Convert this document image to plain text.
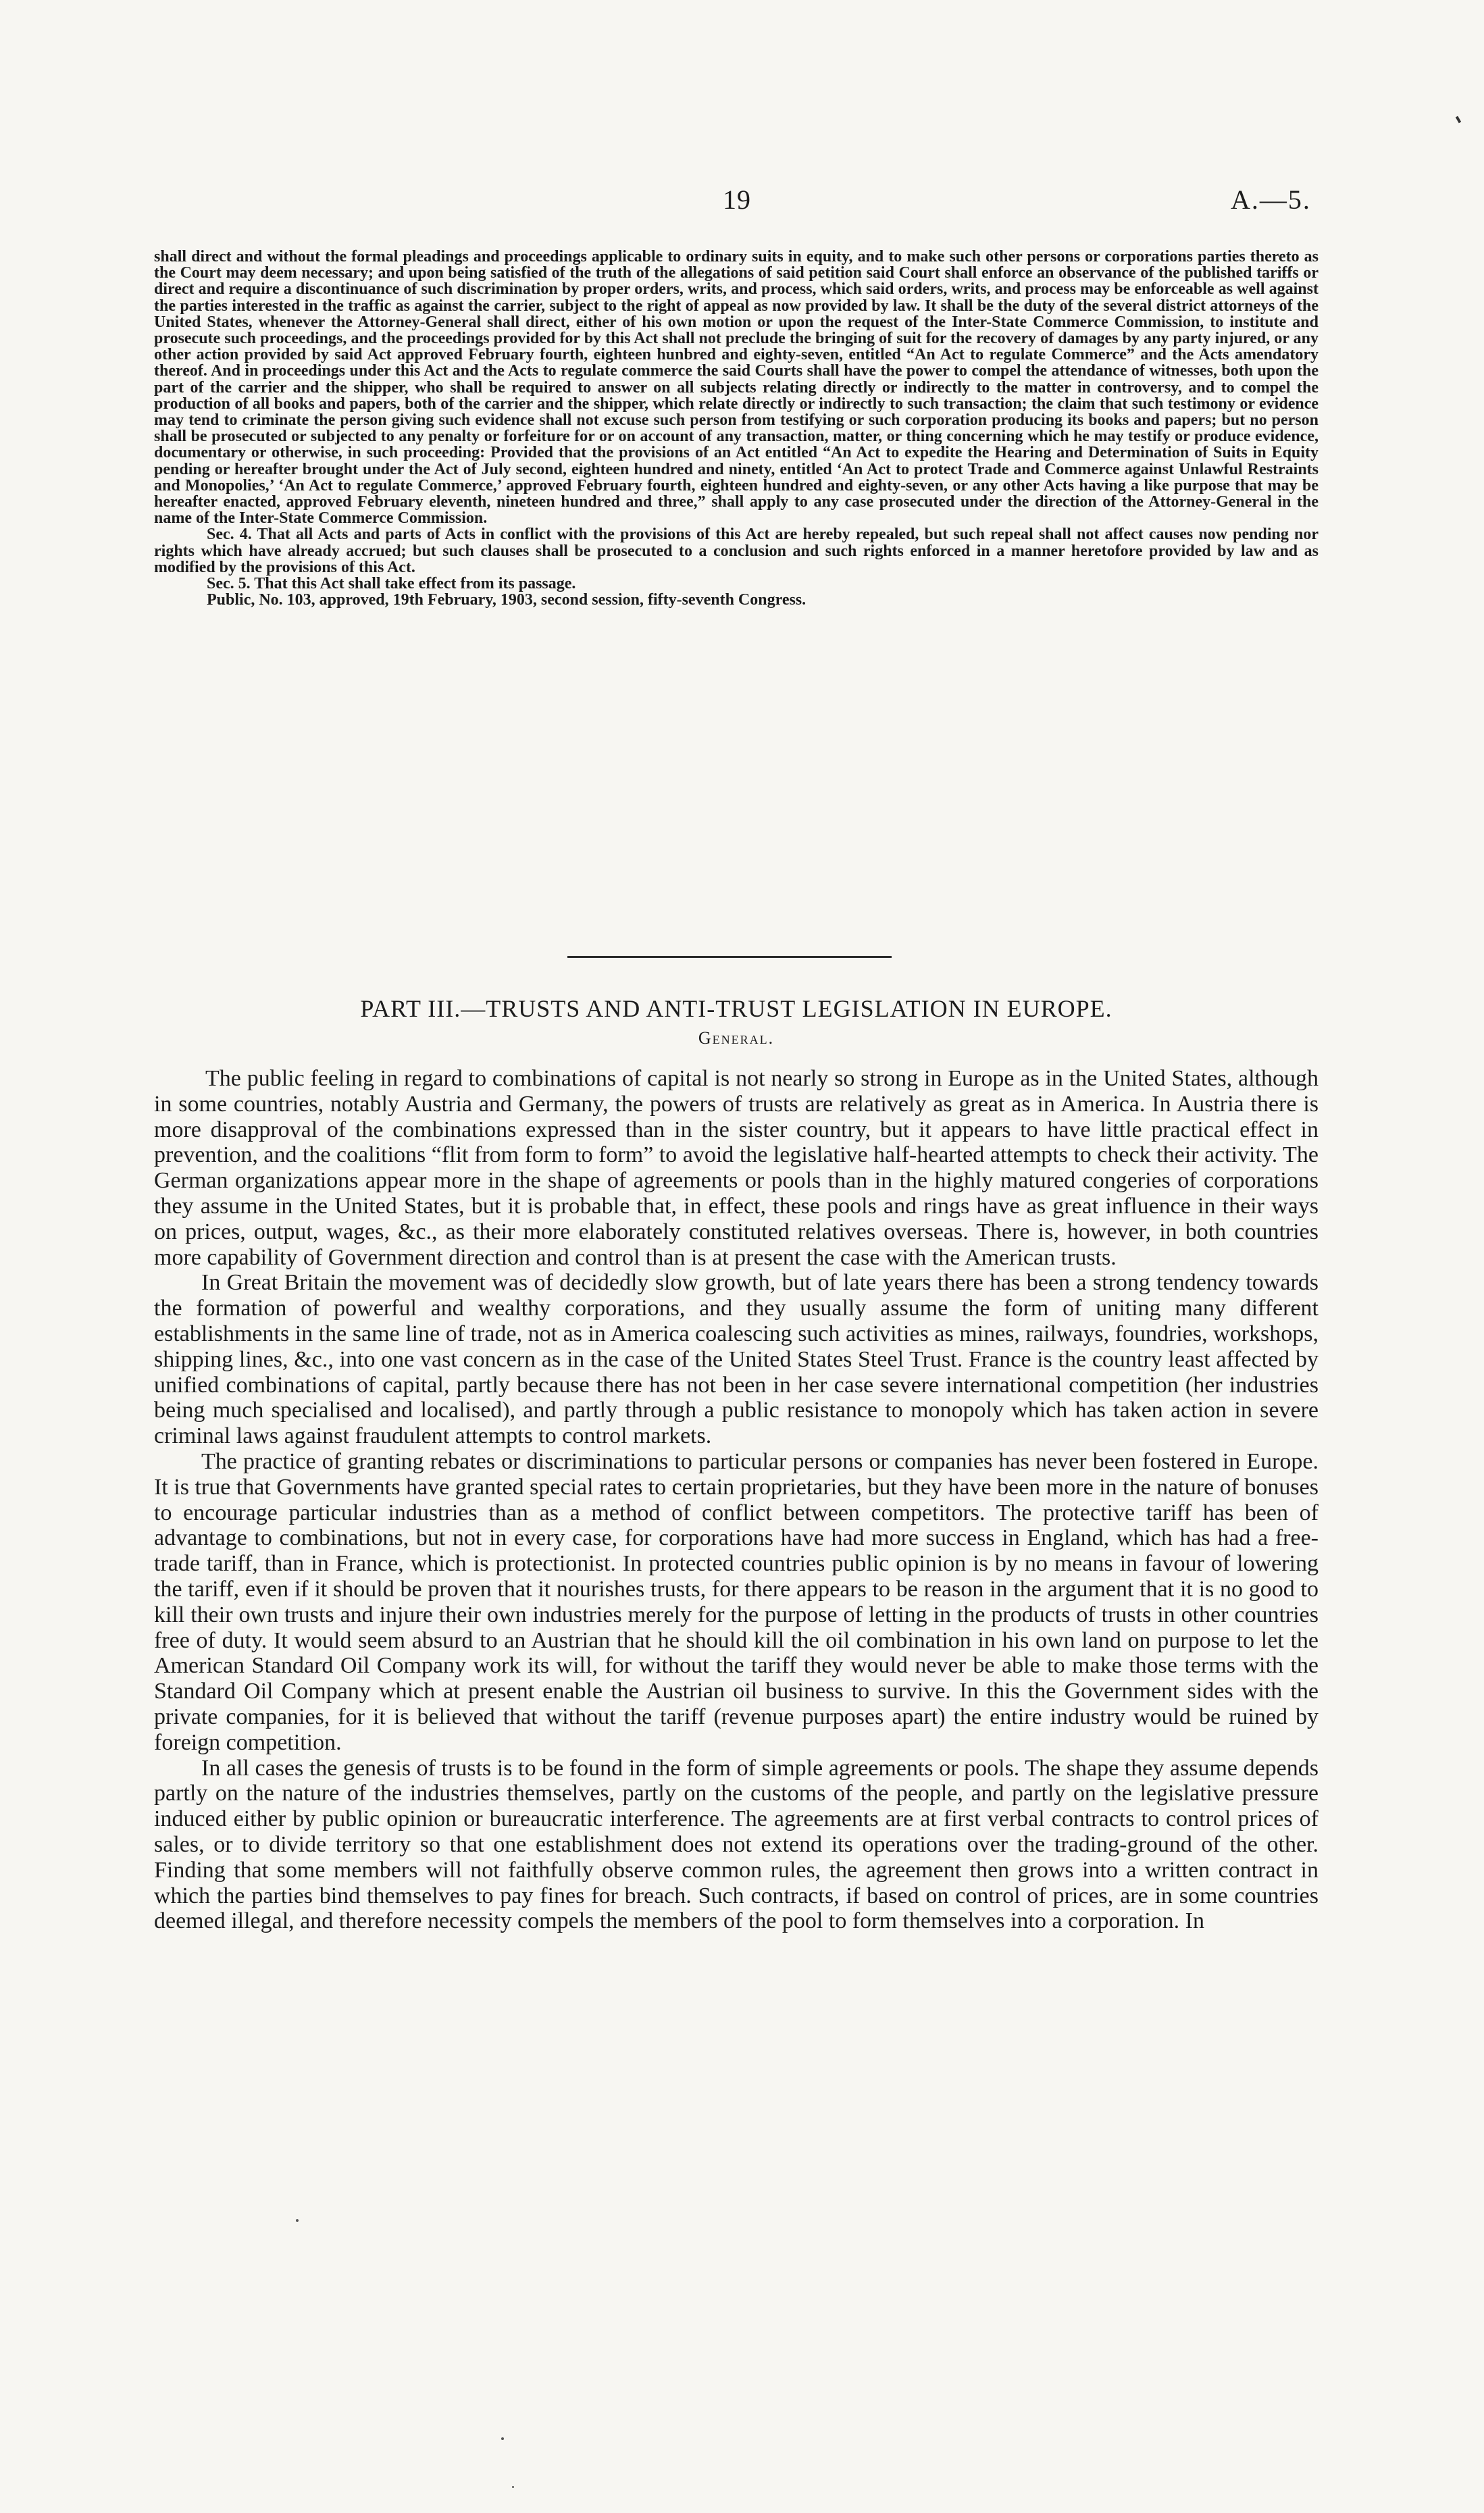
19	A.—5.

shall direct and without the formal pleadings and proceedings applicable to ordinary suits in equity, and to make such other persons or corporations parties thereto as the Court may deem necessary; and upon being satisfied of the truth of the allegations of said petition said Court shall enforce an observance of the published tariffs or direct and require a discontinuance of such discrimination by proper orders, writs, and process, which said orders, writs, and process may be enforceable as well against the parties interested in the traffic as against the carrier, subject to the right of appeal as now provided by law. It shall be the duty of the several district attorneys of the United States, whenever the Attorney-General shall direct, either of his own motion or upon the request of the Inter-State Commerce Commission, to institute and prosecute such proceedings, and the proceedings provided for by this Act shall not preclude the bringing of suit for the recovery of damages by any party injured, or any other action provided by said Act approved February fourth, eighteen hunbred and eighty-seven, entitled “An Act to regulate Commerce” and the Acts amendatory thereof. And in proceedings under this Act and the Acts to regulate commerce the said Courts shall have the power to compel the attendance of witnesses, both upon the part of the carrier and the shipper, who shall be required to answer on all subjects relating directly or indirectly to the matter in controversy, and to compel the production of all books and papers, both of the carrier and the shipper, which relate directly or indirectly to such transaction; the claim that such testimony or evidence may tend to criminate the person giving such evidence shall not excuse such person from testifying or such corporation producing its books and papers; but no person shall be prosecuted or subjected to any penalty or forfeiture for or on account of any transaction, matter, or thing concerning which he may testify or produce evidence, documentary or otherwise, in such proceeding: Provided that the provisions of an Act entitled “An Act to expedite the Hearing and Determination of Suits in Equity pending or hereafter brought under the Act of July second, eighteen hundred and ninety, entitled ‘An Act to protect Trade and Commerce against Unlawful Restraints and Monopolies,’ ‘An Act to regulate Commerce,’ approved February fourth, eighteen hundred and eighty-seven, or any other Acts having a like purpose that may be hereafter enacted, approved February eleventh, nineteen hundred and three,” shall apply to any case prosecuted under the direction of the Attorney-General in the name of the Inter-State Commerce Commission.

Sec. 4. That all Acts and parts of Acts in conflict with the provisions of this Act are hereby repealed, but such repeal shall not affect causes now pending nor rights which have already accrued; but such clauses shall be prosecuted to a conclusion and such rights enforced in a manner heretofore provided by law and as modified by the provisions of this Act.

Sec. 5. That this Act shall take effect from its passage.

Public, No. 103, approved, 19th February, 1903, second session, fifty-seventh Congress.

PART III.—TRUSTS AND ANTI-TRUST LEGISLATION IN EUROPE.
General.

The public feeling in regard to combinations of capital is not nearly so strong in Europe as in the United States, although in some countries, notably Austria and Germany, the powers of trusts are relatively as great as in America. In Austria there is more disapproval of the combinations expressed than in the sister country, but it appears to have little practical effect in prevention, and the coalitions “flit from form to form” to avoid the legislative half-hearted attempts to check their activity. The German organizations appear more in the shape of agreements or pools than in the highly matured congeries of corporations they assume in the United States, but it is probable that, in effect, these pools and rings have as great influence in their ways on prices, output, wages, &c., as their more elaborately constituted relatives overseas. There is, however, in both countries more capability of Government direction and control than is at present the case with the American trusts.

In Great Britain the movement was of decidedly slow growth, but of late years there has been a strong tendency towards the formation of powerful and wealthy corporations, and they usually assume the form of uniting many different establishments in the same line of trade, not as in America coalescing such activities as mines, railways, foundries, workshops, shipping lines, &c., into one vast concern as in the case of the United States Steel Trust. France is the country least affected by unified combinations of capital, partly because there has not been in her case severe international competition (her industries being much specialised and localised), and partly through a public resistance to monopoly which has taken action in severe criminal laws against fraudulent attempts to control markets.

The practice of granting rebates or discriminations to particular persons or companies has never been fostered in Europe. It is true that Governments have granted special rates to certain proprietaries, but they have been more in the nature of bonuses to encourage particular industries than as a method of conflict between competitors. The protective tariff has been of advantage to combinations, but not in every case, for corporations have had more success in England, which has had a free-trade tariff, than in France, which is protectionist. In protected countries public opinion is by no means in favour of lowering the tariff, even if it should be proven that it nourishes trusts, for there appears to be reason in the argument that it is no good to kill their own trusts and injure their own industries merely for the purpose of letting in the products of trusts in other countries free of duty. It would seem absurd to an Austrian that he should kill the oil combination in his own land on purpose to let the American Standard Oil Company work its will, for without the tariff they would never be able to make those terms with the Standard Oil Company which at present enable the Austrian oil business to survive. In this the Government sides with the private companies, for it is believed that without the tariff (revenue purposes apart) the entire industry would be ruined by foreign competition.

In all cases the genesis of trusts is to be found in the form of simple agreements or pools. The shape they assume depends partly on the nature of the industries themselves, partly on the customs of the people, and partly on the legislative pressure induced either by public opinion or bureaucratic interference. The agreements are at first verbal contracts to control prices of sales, or to divide territory so that one establishment does not extend its operations over the trading-ground of the other. Finding that some members will not faithfully observe common rules, the agreement then grows into a written contract in which the parties bind themselves to pay fines for breach. Such contracts, if based on control of prices, are in some countries deemed illegal, and therefore necessity compels the members of the pool to form themselves into a corporation. In
